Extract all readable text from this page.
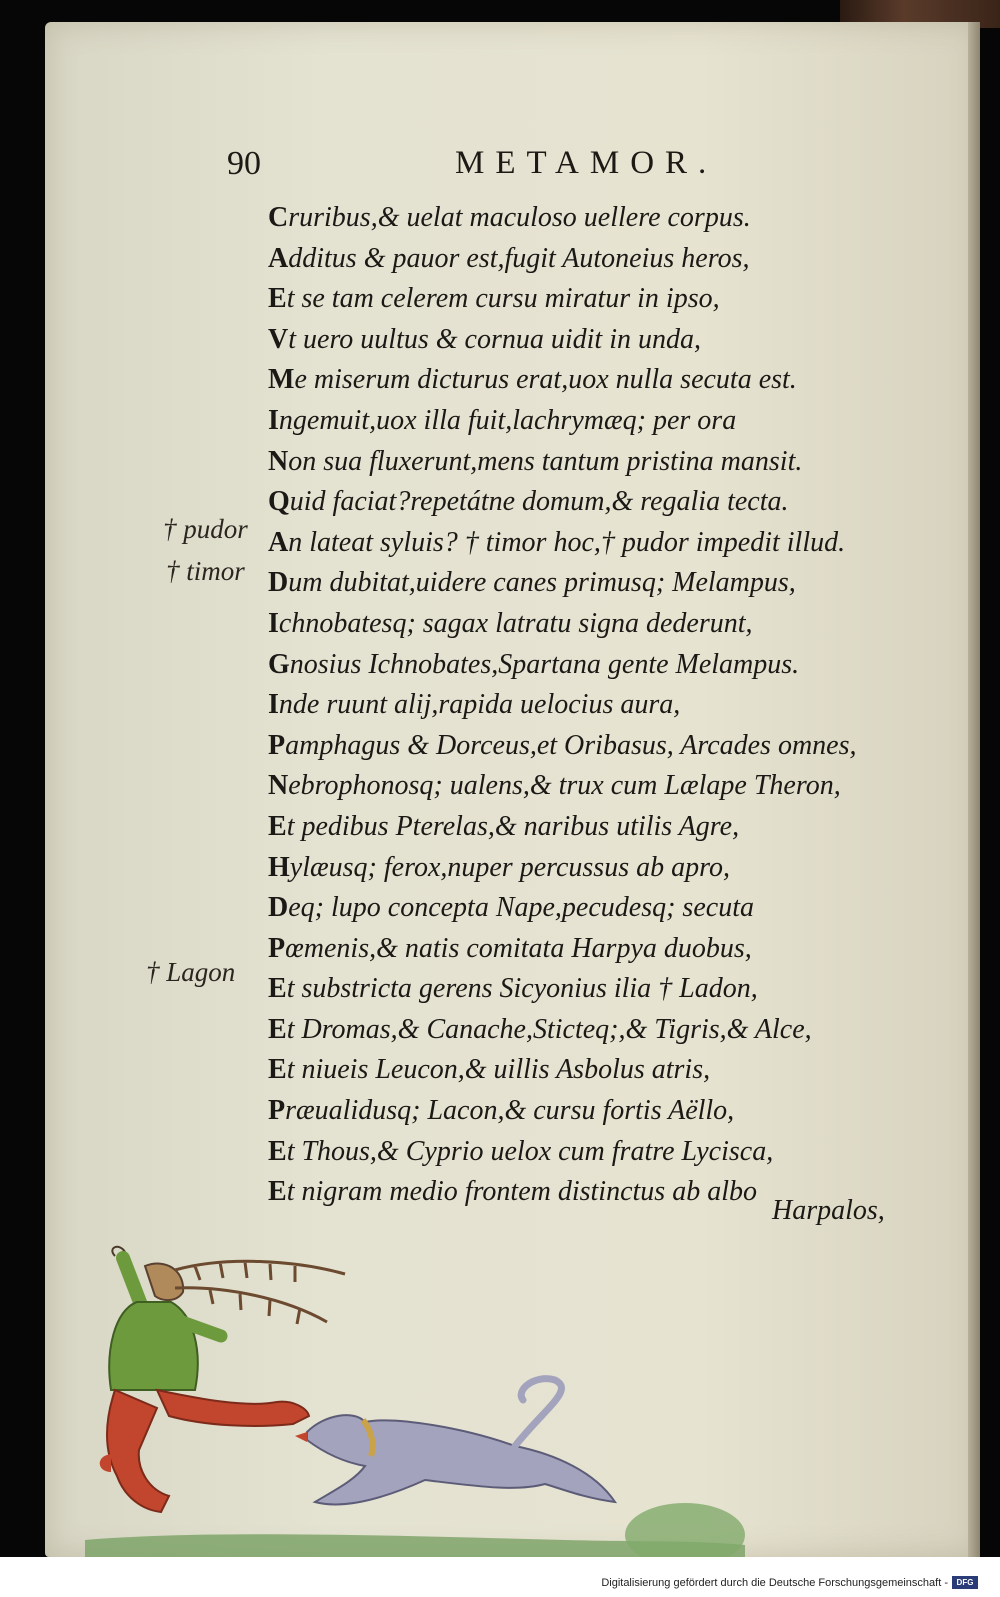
90	METAMOR.
Cruribus,& uelat maculoso uellere corpus.
Additus & pauor est,fugit Autoneius heros,
Et se tam celerem cursu miratur in ipso,
Vt uero uultus & cornua uidit in unda,
Me miserum dicturus erat,uox nulla secuta est.
Ingemuit,uox illa fuit,lachrymæq; per ora
Non sua fluxerunt,mens tantum pristina mansit.
Quid faciat?repetátne domum,& regalia tecta.
An lateat syluis? † timor hoc,† pudor impedit illud.
Dum dubitat,uidere canes primusq; Melampus,
Ichnobatesq; sagax latratu signa dederunt,
Gnosius Ichnobates,Spartana gente Melampus.
Inde ruunt alij,rapida uelocius aura,
Pamphagus & Dorceus,et Oribasus, Arcades omnes,
Nebrophonosq; ualens,& trux cum Lælape Theron,
Et pedibus Pterelas,& naribus utilis Agre,
Hylæusq; ferox,nuper percussus ab apro,
Deq; lupo concepta Nape,pecudesq; secuta
Pœmenis,& natis comitata Harpya duobus,
Et substricta gerens Sicyonius ilia † Ladon,
Et Dromas,& Canache,Sticteq;,& Tigris,& Alce,
Et niueis Leucon,& uillis Asbolus atris,
Præualidusq; Lacon,& cursu fortis Aëllo,
Et Thous,& Cyprio uelox cum fratre Lycisca,
Et nigram medio frontem distinctus ab albo
Harpalos,
† pudor
† timor
† Lagon
Digitalisierung gefördert durch die Deutsche Forschungsgemeinschaft -	DFG
